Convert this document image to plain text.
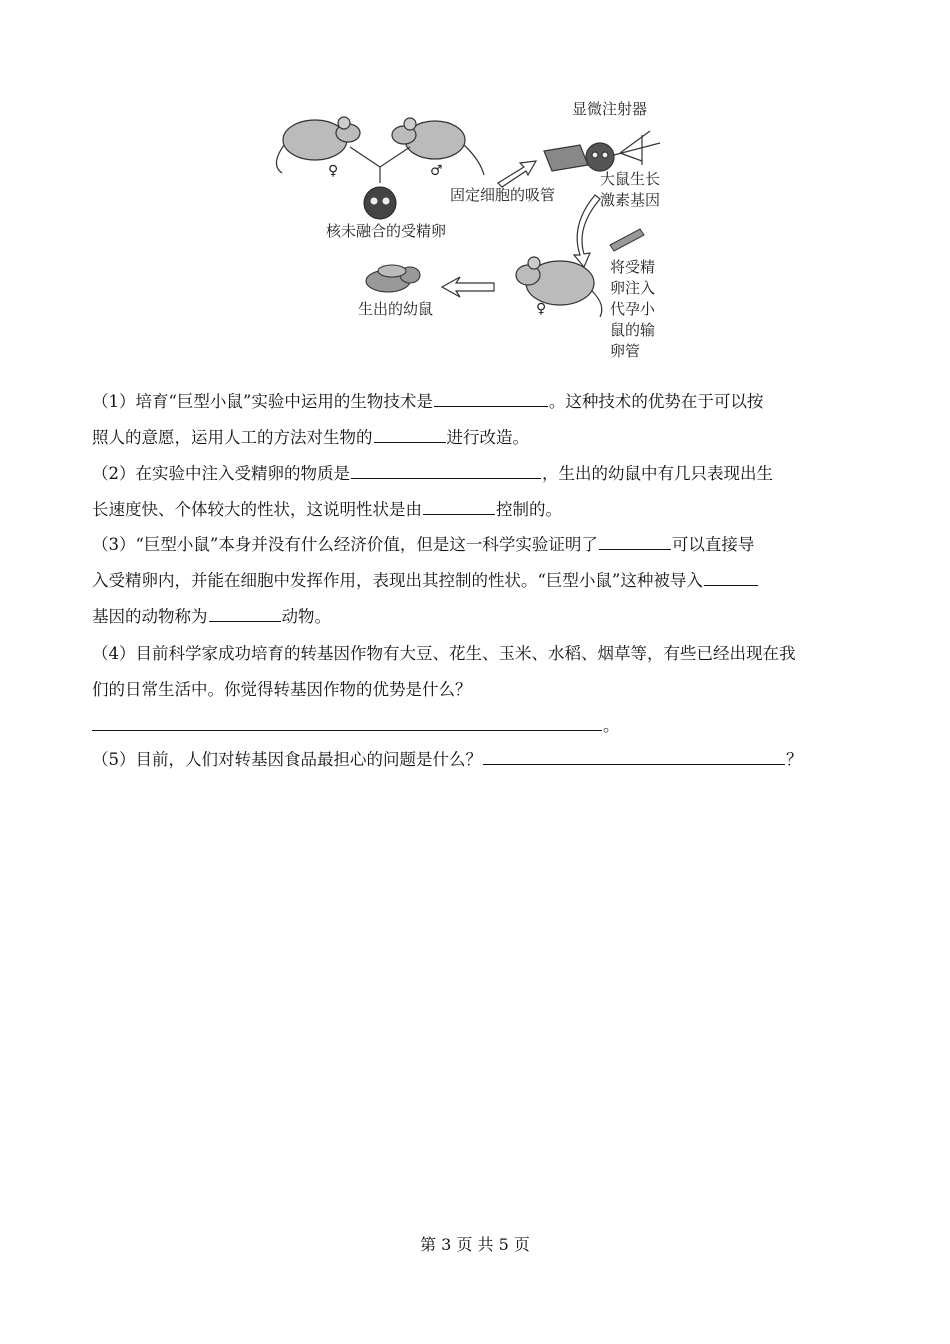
显微注射器
♀	♂
核未融合的受精卵
固定细胞的吸管
大鼠生长
激素基因
将受精
卵注入
代孕小
鼠的输
卵管
♀
生出的幼鼠
（1）培育“巨型小鼠”实验中运用的生物技术是	。这种技术的优势在于可以按
照人的意愿，运用人工的方法对生物的	进行改造。
（2）在实验中注入受精卵的物质是	，生出的幼鼠中有几只表现出生
长速度快、个体较大的性状，这说明性状是由	控制的。
（3）“巨型小鼠”本身并没有什么经济价值，但是这一科学实验证明了	可以直接导
入受精卵内，并能在细胞中发挥作用，表现出其控制的性状。“巨型小鼠”这种被导入
基因的动物称为	动物。
（4）目前科学家成功培育的转基因作物有大豆、花生、玉米、水稻、烟草等，有些已经出现在我
们的日常生活中。你觉得转基因作物的优势是什么？
。
（5）目前，人们对转基因食品最担心的问题是什么？	？
第 3 页 共 5 页
